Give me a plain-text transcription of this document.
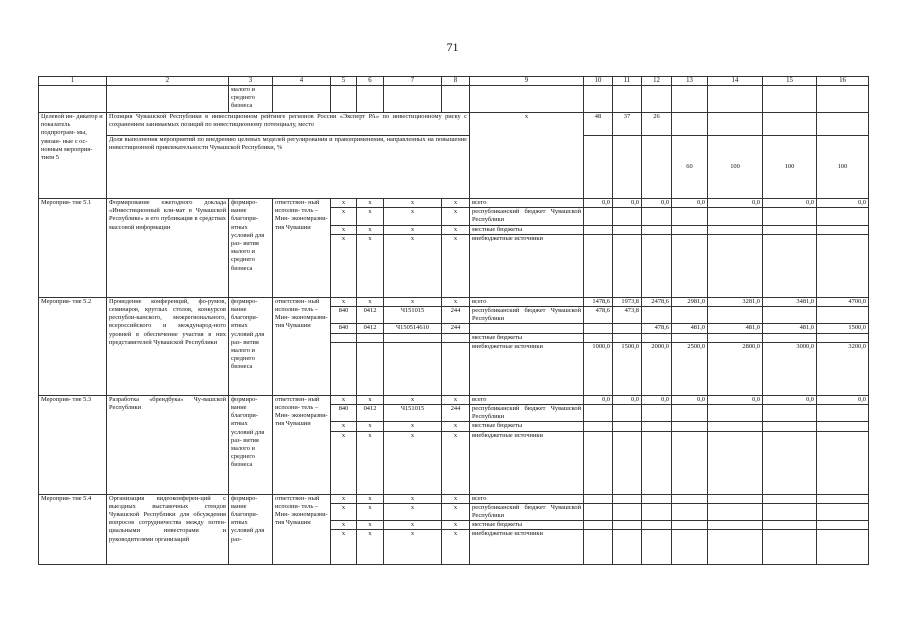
71
1	2	3	4	5	6	7	8	9	10	11	12	13	14	15	16
		малого и среднего бизнеса													
Целевой ин- дикатор и показатель подпрограм- мы, увязан- ные с ос- новным мероприя- тием 5	Позиция Чувашской Республики в инвестиционном рейтинге регионов России «Эксперт РА» по инвестиционному риску с сохранением занимаемых позиций по инвестиционному потенциалу, место							х	48	37	26				
	Доля выполнения мероприятий по внедрению целевых моделей регулирования и правоприменения, направленных на повышение инвестиционной привлекательности Чувашской Республики, %											60	100	100	100
Мероприя- тие 5.1	Формирование ежегодного доклада «Инвестиционный кли-мат в Чувашской Республике» и его публикация в средствах массовой информации	формиро- вание благопри- ятных условий для раз- вития малого и среднего бизнеса	ответствен- ный исполни- тель – Мин- экономразви- тия Чувашии	х	х	х	х	всего	0,0	0,0	0,0	0,0	0,0	0,0	0,0
				х	х	х	х	республиканский бюджет Чувашской Республики							
				х	х	х	х	местные бюджеты							
				х	х	х	х	внебюджетные источники							
Мероприя- тие 5.2	Проведение конференций, фо-румов, семинаров, круглых столов, конкурсов республи-канского, межрегионального, всероссийского и международ-ного уровней в обеспечение участия в них представителей Чувашской Республики	формиро- вание благопри- ятных условий для раз- вития малого и среднего бизнеса	ответствен- ный исполни- тель – Мин- экономразви- тия Чувашии	х	х	х	х	всего	1478,6	1973,8	2478,6	2981,0	3281,0	3481,0	4700,0
				840	0412	Ч151015	244	республиканский бюджет Чувашской Республики	478,6	473,8					
				840	0412	Ч150514610	244				478,6	481,0	481,0	481,0	1500,0
								местные бюджеты							
								внебюджетные источники	1000,0	1500,0	2000,0	2500,0	2800,0	3000,0	3200,0
Мероприя- тие 5.3	Разработка «брендбука» Чу-вашской Республики	формиро- вание благопри- ятных условий для раз- вития малого и среднего бизнеса	ответствен- ный исполни- тель – Мин- экономразви- тия Чувашии	х	х	х	х	всего	0,0	0,0	0,0	0,0	0,0	0,0	0,0
				840	0412	Ч151015	244	республиканский бюджет Чувашской Республики							
				х	х	х	х	местные бюджеты							
				х	х	х	х	внебюджетные источники							
Мероприя- тие 5.4	Организация видеоконферен-ций с выездных выставочных стендов Чувашской Республики для обсуждения вопросов сотрудничества между потен-циальными инвесторами и руководителями организаций	формиро- вание благопри- ятных условий для раз-	ответствен- ный исполни- тель – Мин- экономразви- тия Чувашии	х	х	х	х	всего							
				х	х	х	х	республиканский бюджет Чувашской Республики							
				х	х	х	х	местные бюджеты							
				х	х	х	х	внебюджетные источники							
